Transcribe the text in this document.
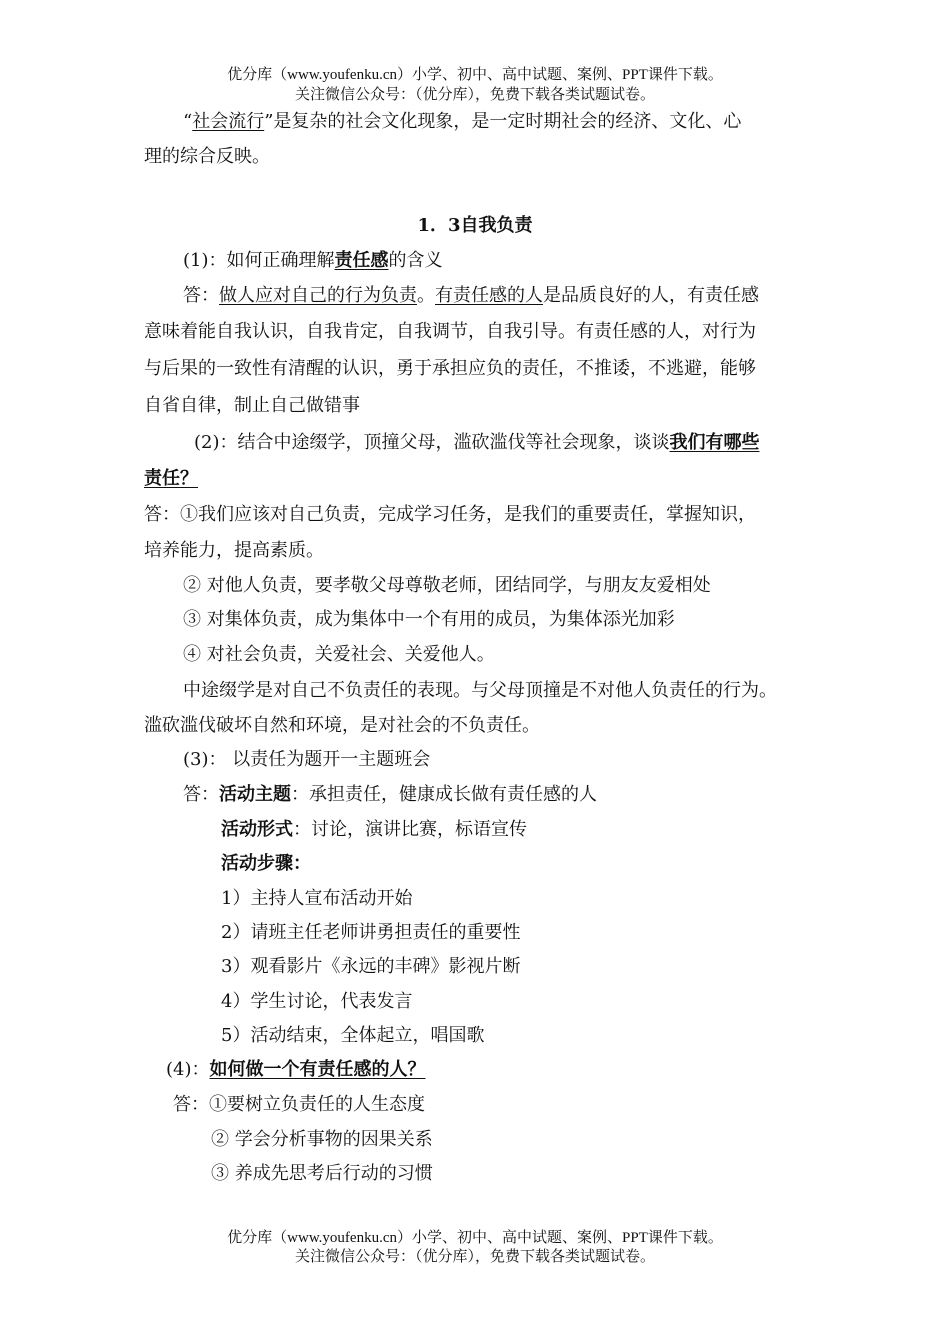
优分库（www.youfenku.cn）小学、初中、高中试题、案例、PPT课件下载。
关注微信公众号：（优分库），免费下载各类试题试卷。
“社会流行”是复杂的社会文化现象，是一定时期社会的经济、文化、心
理的综合反映。
1．3自我负责
(1)：如何正确理解责任感的含义
答：做人应对自己的行为负责。有责任感的人是品质良好的人，有责任感
意味着能自我认识，自我肯定，自我调节，自我引导。有责任感的人，对行为
与后果的一致性有清醒的认识，勇于承担应负的责任，不推诿，不逃避，能够
自省自律，制止自己做错事
(2)：结合中途缀学，顶撞父母，滥砍滥伐等社会现象，谈谈我们有哪些
责任？
答：①我们应该对自己负责，完成学习任务，是我们的重要责任，掌握知识，
培养能力，提高素质。
② 对他人负责，要孝敬父母尊敬老师，团结同学，与朋友友爱相处
③ 对集体负责，成为集体中一个有用的成员，为集体添光加彩
④ 对社会负责，关爱社会、关爱他人。
中途缀学是对自己不负责任的表现。与父母顶撞是不对他人负责任的行为。
滥砍滥伐破坏自然和环境，是对社会的不负责任。
(3)： 以责任为题开一主题班会
答：活动主题：承担责任，健康成长做有责任感的人
活动形式：讨论，演讲比赛，标语宣传
活动步骤：
1）主持人宣布活动开始
2）请班主任老师讲勇担责任的重要性
3）观看影片《永远的丰碑》影视片断
4）学生讨论，代表发言
5）活动结束，全体起立，唱国歌
(4)：如何做一个有责任感的人？
答：①要树立负责任的人生态度
② 学会分析事物的因果关系
③ 养成先思考后行动的习惯
优分库（www.youfenku.cn）小学、初中、高中试题、案例、PPT课件下载。
关注微信公众号：（优分库），免费下载各类试题试卷。
